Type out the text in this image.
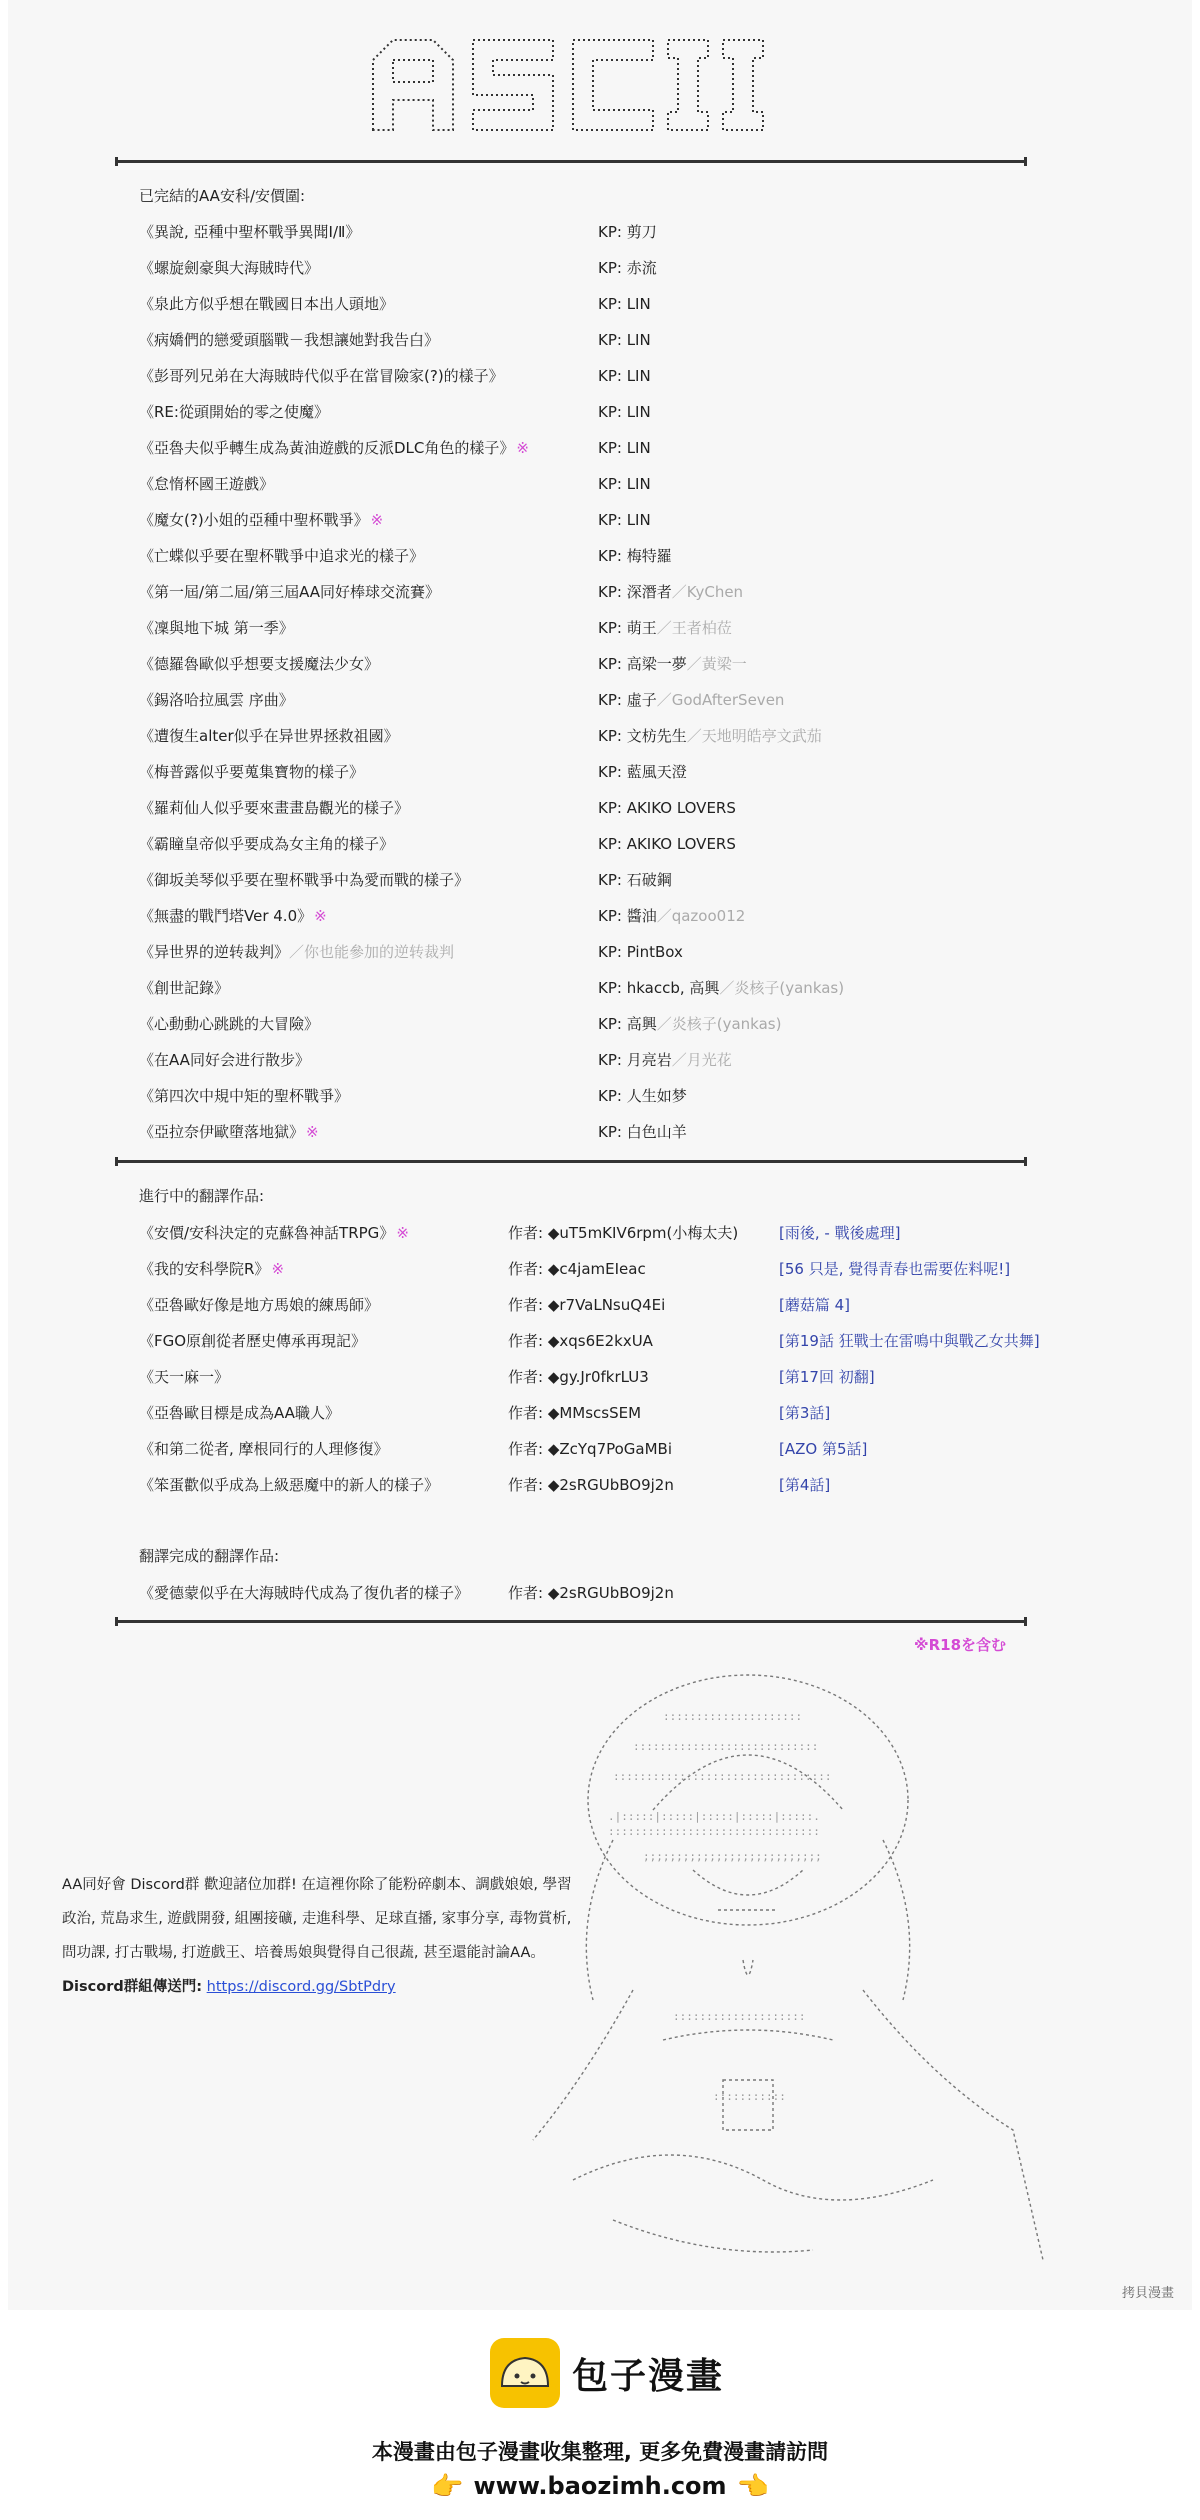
已完結的AA安科/安價圍:
《異說, 亞種中聖杯戰爭異聞Ⅰ/Ⅱ》	KP: 剪刀
《螺旋劍豪與大海賊時代》	KP: 赤流
《泉此方似乎想在戰國日本出人頭地》	KP: LIN
《病嬌們的戀愛頭腦戰－我想讓她對我告白》	KP: LIN
《彭哥列兄弟在大海賊時代似乎在當冒險家(?)的樣子》	KP: LIN
《RE:從頭開始的零之使魔》	KP: LIN
《亞魯夫似乎轉生成為黃油遊戲的反派DLC角色的樣子》 ※	KP: LIN
《怠惰杯國王遊戲》	KP: LIN
《魔女(?)小姐的亞種中聖杯戰爭》 ※	KP: LIN
《亡蝶似乎要在聖杯戰爭中追求光的樣子》	KP: 梅特羅
《第一屆/第二屆/第三屆AA同好棒球交流賽》	KP: 深潛者／KyChen
《凜與地下城 第一季》	KP: 萌王／王者柏莅
《德羅魯歐似乎想要支援魔法少女》	KP: 高梁一夢／黃梁一
《錫洛哈拉風雲 序曲》	KP: 虛子／GodAfterSeven
《遭復生alter似乎在异世界拯救祖國》	KP: 文枋先生／天地明皓亭文武茄
《梅普露似乎要蒐集寶物的樣子》	KP: 藍風天澄
《羅莉仙人似乎要來畫畫島觀光的樣子》	KP: AKIKO LOVERS
《霸瞳皇帝似乎要成為女主角的樣子》	KP: AKIKO LOVERS
《御坂美琴似乎要在聖杯戰爭中為愛而戰的樣子》	KP: 石破鋼
《無盡的戰鬥塔Ver 4.0》 ※	KP: 醬油／qazoo012
《异世界的逆转裁判》／你也能參加的逆转裁判	KP: PintBox
《創世記錄》	KP: hkaccb, 高興／炎核子(yankas)
《心動動心跳跳的大冒險》	KP: 高興／炎核子(yankas)
《在AA同好会进行散步》	KP: 月亮岩／月光花
《第四次中規中矩的聖杯戰爭》	KP: 人生如梦
《亞拉奈伊歐墮落地獄》 ※	KP: 白色山羊
進行中的翻譯作品:
《安價/安科決定的克蘇魯神話TRPG》 ※	作者: ◆uT5mKIV6rpm(小梅太夫)	[雨後, - 戰後處理]
《我的安科學院R》 ※	作者: ◆c4jamEIeac	[56 只是, 覺得青春也需要佐料呢!]
《亞魯歐好像是地方馬娘的練馬師》	作者: ◆r7VaLNsuQ4Ei	[蘑菇篇 4]
《FGO原創從者歷史傳承再現記》	作者: ◆xqs6E2kxUA	[第19話 狂戰士在雷鳴中與戰乙女共舞]
《天一麻一》	作者: ◆gy.Jr0fkrLU3	[第17回 初翻]
《亞魯歐目標是成為AA職人》	作者: ◆MMscsSEM	[第3話]
《和第二從者, 摩根同行的人理修復》	作者: ◆ZcYq7PoGaMBi	[AZO 第5話]
《笨蛋歡似乎成為上級惡魔中的新人的樣子》	作者: ◆2sRGUbBO9j2n	[第4話]
翻譯完成的翻譯作品:
《愛德蒙似乎在大海賊時代成為了復仇者的樣子》	作者: ◆2sRGUbBO9j2n
※R18を含む
AA同好會 Discord群 歡迎諸位加群! 在這裡你除了能粉碎劇本、調戲娘娘, 學習政治, 荒島求生, 遊戲開發, 組團接礦, 走進科學、足球直播, 家事分享, 毒物賞析, 問功課, 打古戰場, 打遊戲王、培養馬娘與覺得自己很蔬, 甚至還能討論AA。
Discord群組傳送門: https://discord.gg/SbtPdry
:::::::::::::::::::::
::::::::::::::::::::::::::::
:::::::::::::::::::::::::::::::::
.|:::::|:::::|:::::|:::::|:::::.
::::::::::::::::::::::::::::::::
;;;;;;;;;;;;;;;;;;;;;;;;;;;
::::::::::::::::::::
:::::::::::
拷貝漫畫
包子漫畫
本漫畫由包子漫畫收集整理, 更多免費漫畫請訪問
👉 www.baozimh.com 👈
